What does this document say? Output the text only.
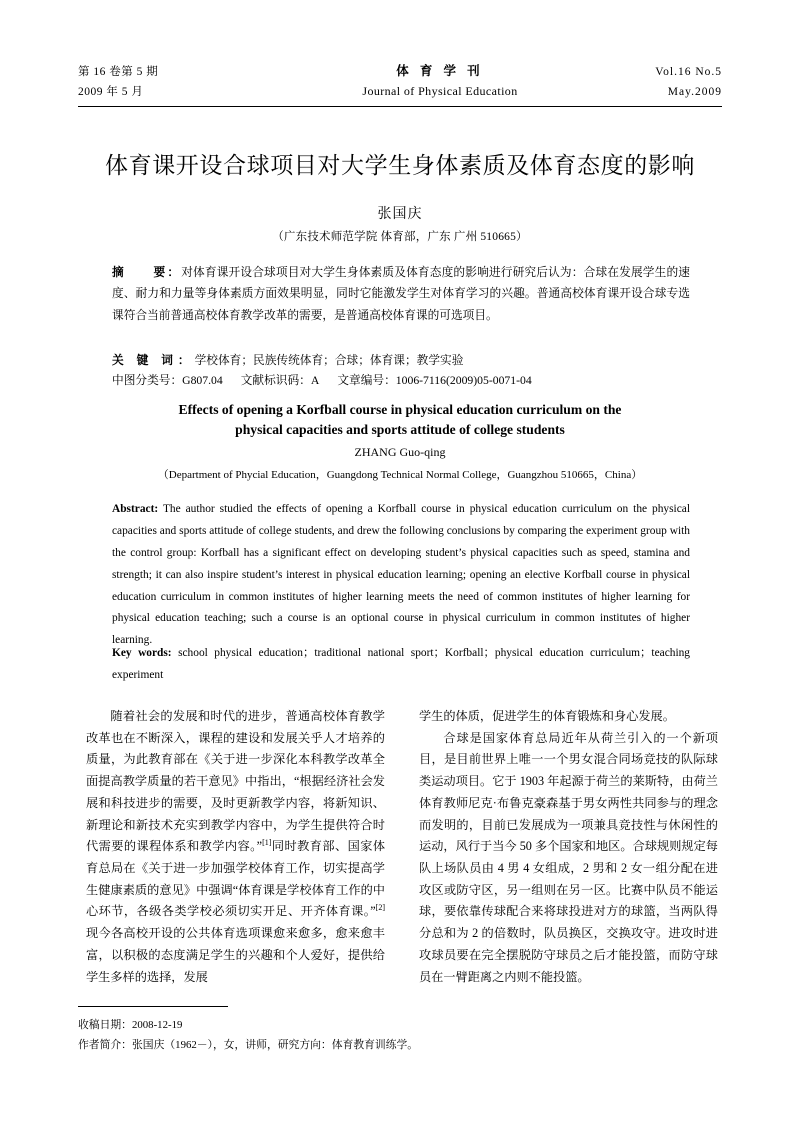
第 16 卷第 5 期	体 育 学 刊	Vol.16 No.5
2009 年 5 月	Journal of Physical Education	May.2009
体育课开设合球项目对大学生身体素质及体育态度的影响
张国庆
（广东技术师范学院 体育部，广东 广州 510665）
摘　　要：对体育课开设合球项目对大学生身体素质及体育态度的影响进行研究后认为：合球在发展学生的速度、耐力和力量等身体素质方面效果明显，同时它能激发学生对体育学习的兴趣。普通高校体育课开设合球专选课符合当前普通高校体育教学改革的需要，是普通高校体育课的可选项目。
关 键 词：学校体育；民族传统体育；合球；体育课；教学实验
中图分类号：G807.04 文献标识码：A 文章编号：1006-7116(2009)05-0071-04
Effects of opening a Korfball course in physical education curriculum on the
physical capacities and sports attitude of college students
ZHANG Guo-qing
（Department of Phycial Education，Guangdong Technical Normal College，Guangzhou 510665，China）
Abstract: The author studied the effects of opening a Korfball course in physical education curriculum on the physical capacities and sports attitude of college students, and drew the following conclusions by comparing the experiment group with the control group: Korfball has a significant effect on developing student’s physical capacities such as speed, stamina and strength; it can also inspire student’s interest in physical education learning; opening an elective Korfball course in physical education curriculum in common institutes of higher learning meets the need of common institutes of higher learning for physical education teaching; such a course is an optional course in physical curriculum in common institutes of higher learning.
Key words: school physical education；traditional national sport；Korfball；physical education curriculum；teaching experiment

随着社会的发展和时代的进步，普通高校体育教学改革也在不断深入，课程的建设和发展关乎人才培养的质量，为此教育部在《关于进一步深化本科教学改革全面提高教学质量的若干意见》中指出，“根据经济社会发展和科技进步的需要，及时更新教学内容，将新知识、新理论和新技术充实到教学内容中，为学生提供符合时代需要的课程体系和教学内容。”[1]同时教育部、国家体育总局在《关于进一步加强学校体育工作，切实提高学生健康素质的意见》中强调“体育课是学校体育工作的中心环节，各级各类学校必须切实开足、开齐体育课。”[2]现今各高校开设的公共体育选项课愈来愈多，愈来愈丰富，以积极的态度满足学生的兴趣和个人爱好，提供给学生多样的选择，发展

学生的体质，促进学生的体育锻炼和身心发展。

合球是国家体育总局近年从荷兰引入的一个新项目，是目前世界上唯一一个男女混合同场竞技的队际球类运动项目。它于 1903 年起源于荷兰的莱斯特，由荷兰体育教师尼克·布鲁克豪森基于男女两性共同参与的理念而发明的，目前已发展成为一项兼具竞技性与休闲性的运动，风行于当今 50 多个国家和地区。合球规则规定每队上场队员由 4 男 4 女组成，2 男和 2 女一组分配在进攻区或防守区，另一组则在另一区。比赛中队员不能运球，要依靠传球配合来将球投进对方的球篮，当两队得分总和为 2 的倍数时，队员换区，交换攻守。进攻时进攻球员要在完全摆脱防守球员之后才能投篮，而防守球员在一臂距离之内则不能投篮。

收稿日期：2008-12-19
作者简介：张国庆（1962－），女，讲师，研究方向：体育教育训练学。
